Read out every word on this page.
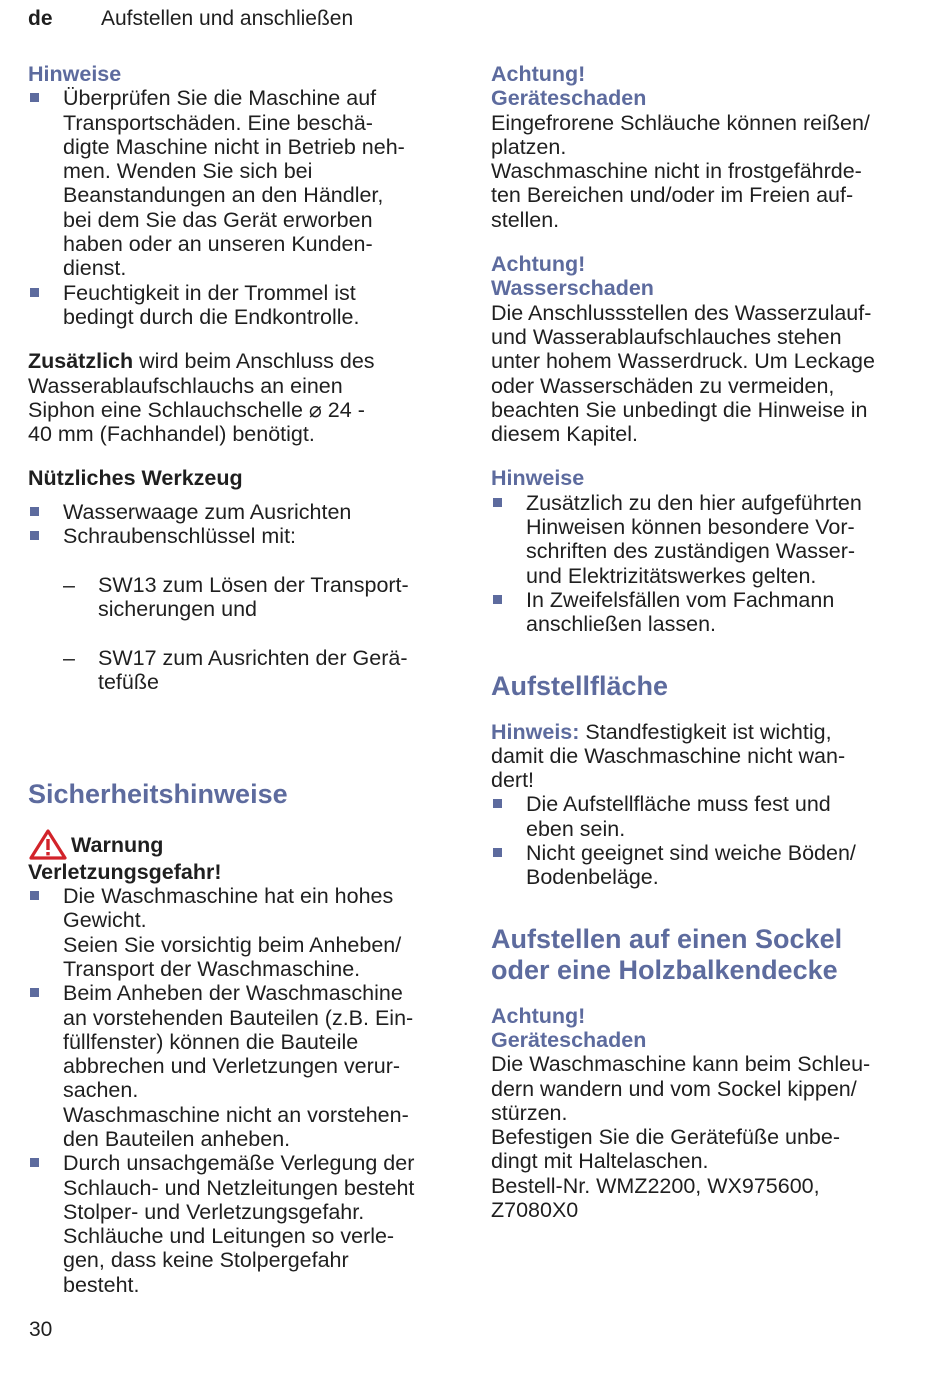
de Aufstellen und anschließen
Hinweise
Überprüfen Sie die Maschine auf
Transportschäden. Eine beschä-
digte Maschine nicht in Betrieb neh-
men. Wenden Sie sich bei
Beanstandungen an den Händler,
bei dem Sie das Gerät erworben
haben oder an unseren Kunden-
dienst.
Feuchtigkeit in der Trommel ist
bedingt durch die Endkontrolle.

Zusätzlich wird beim Anschluss des
Wasserablaufschlauchs an einen
Siphon eine Schlauchschelle ⌀ 24 -
40 mm (Fachhandel) benötigt.

Nützliches Werkzeug
Wasserwaage zum Ausrichten
Schraubenschlüssel mit:

– SW13 zum Lösen der Transport-
sicherungen und

– SW17 zum Ausrichten der Gerä-
tefüße

Sicherheitshinweise
Warnung
Verletzungsgefahr!
Die Waschmaschine hat ein hohes
Gewicht.
Seien Sie vorsichtig beim Anheben/
Transport der Waschmaschine.
Beim Anheben der Waschmaschine
an vorstehenden Bauteilen (z.B. Ein-
füllfenster) können die Bauteile
abbrechen und Verletzungen verur-
sachen.
Waschmaschine nicht an vorstehen-
den Bauteilen anheben.
Durch unsachgemäße Verlegung der
Schlauch- und Netzleitungen besteht
Stolper- und Verletzungsgefahr.
Schläuche und Leitungen so verle-
gen, dass keine Stolpergefahr
besteht.
Achtung!
Geräteschaden

Eingefrorene Schläuche können reißen/
platzen.
Waschmaschine nicht in frostgefährde-
ten Bereichen und/oder im Freien auf-
stellen.

Achtung!
Wasserschaden

Die Anschlussstellen des Wasserzulauf-
und Wasserablaufschlauches stehen
unter hohem Wasserdruck. Um Leckage
oder Wasserschäden zu vermeiden,
beachten Sie unbedingt die Hinweise in
diesem Kapitel.

Hinweise
Zusätzlich zu den hier aufgeführten
Hinweisen können besondere Vor-
schriften des zuständigen Wasser-
und Elektrizitätswerkes gelten.
In Zweifelsfällen vom Fachmann
anschließen lassen.
Aufstellfläche

Hinweis: Standfestigkeit ist wichtig,
damit die Waschmaschine nicht wan-
dert!

Die Aufstellfläche muss fest und
eben sein.
Nicht geeignet sind weiche Böden/
Bodenbeläge.
Aufstellen auf einen Sockel
oder eine Holzbalkendecke
Achtung!
Geräteschaden

Die Waschmaschine kann beim Schleu-
dern wandern und vom Sockel kippen/
stürzen.
Befestigen Sie die Gerätefüße unbe-
dingt mit Haltelaschen.
Bestell-Nr. WMZ2200, WX975600,
Z7080X0

30
